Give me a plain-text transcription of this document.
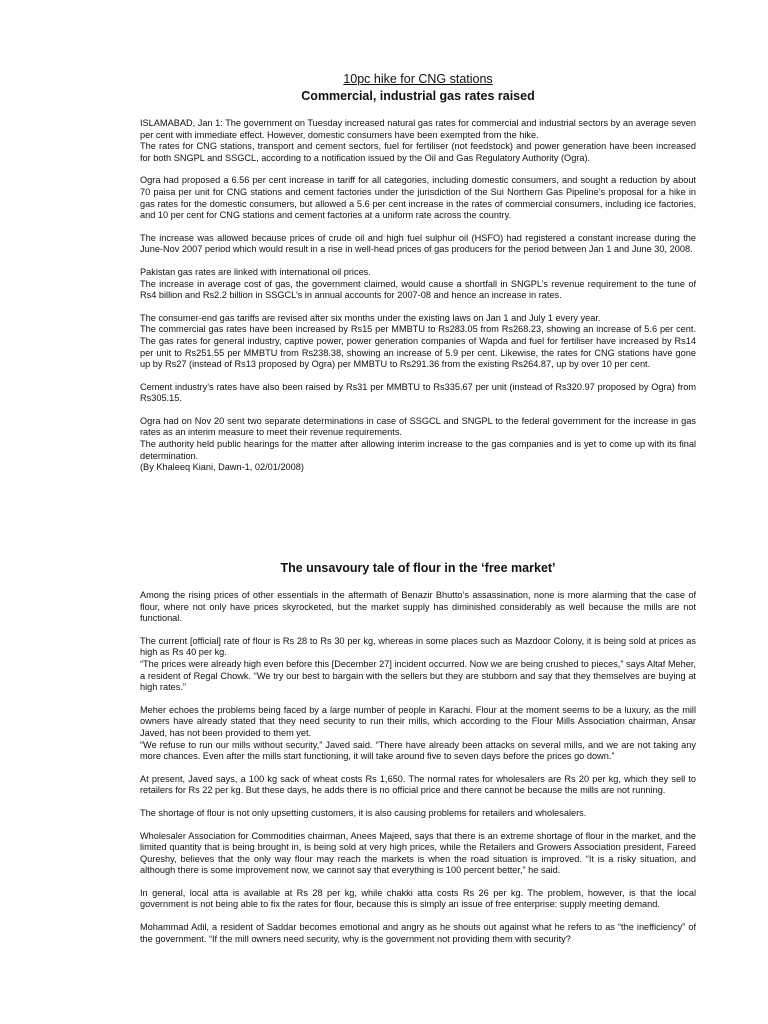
10pc hike for CNG stations

Commercial, industrial gas rates raised

ISLAMABAD, Jan 1: The government on Tuesday increased natural gas rates for commercial and industrial sectors by an average seven per cent with immediate effect. However, domestic consumers have been exempted from the hike.
The rates for CNG stations, transport and cement sectors, fuel for fertiliser (not feedstock) and power generation have been increased for both SNGPL and SSGCL, according to a notification issued by the Oil and Gas Regulatory Authority (Ogra).

Ogra had proposed a 6.56 per cent increase in tariff for all categories, including domestic consumers, and sought a reduction by about 70 paisa per unit for CNG stations and cement factories under the jurisdiction of the Sui Northern Gas Pipeline’s proposal for a hike in gas rates for the domestic consumers, but allowed a 5.6 per cent increase in the rates of commercial consumers, including ice factories, and 10 per cent for CNG stations and cement factories at a uniform rate across the country.

The increase was allowed because prices of crude oil and high fuel sulphur oil (HSFO) had registered a constant increase during the June-Nov 2007 period which would result in a rise in well-head prices of gas producers for the period between Jan 1 and June 30, 2008.

Pakistan gas rates are linked with international oil prices.
The increase in average cost of gas, the government claimed, would cause a shortfall in SNGPL’s revenue requirement to the tune of Rs4 billion and Rs2.2 billion in SSGCL’s in annual accounts for 2007-08 and hence an increase in rates.

The consumer-end gas tariffs are revised after six months under the existing laws on Jan 1 and July 1 every year.
The commercial gas rates have been increased by Rs15 per MMBTU to Rs283.05 from Rs268.23, showing an increase of 5.6 per cent. The gas rates for general industry, captive power, power generation companies of Wapda and fuel for fertiliser have increased by Rs14 per unit to Rs251.55 per MMBTU from Rs238.38, showing an increase of 5.9 per cent. Likewise, the rates for CNG stations have gone up by Rs27 (instead of Rs13 proposed by Ogra) per MMBTU to Rs291.36 from the existing Rs264.87, up by over 10 per cent.

Cement industry’s rates have also been raised by Rs31 per MMBTU to Rs335.67 per unit (instead of Rs320.97 proposed by Ogra) from Rs305.15.

Ogra had on Nov 20 sent two separate determinations in case of SSGCL and SNGPL to the federal government for the increase in gas rates as an interim measure to meet their revenue requirements.
The authority held public hearings for the matter after allowing interim increase to the gas companies and is yet to come up with its final determination.
(By Khaleeq Kiani, Dawn-1, 02/01/2008)

The unsavoury tale of flour in the ‘free market’

Among the rising prices of other essentials in the aftermath of Benazir Bhutto’s assassination, none is more alarming that the case of flour, where not only have prices skyrocketed, but the market supply has diminished considerably as well because the mills are not functional.

The current [official] rate of flour is Rs 28 to Rs 30 per kg, whereas in some places such as Mazdoor Colony, it is being sold at prices as high as Rs 40 per kg.
“The prices were already high even before this [December 27] incident occurred. Now we are being crushed to pieces,” says Altaf Meher, a resident of Regal Chowk. “We try our best to bargain with the sellers but they are stubborn and say that they themselves are buying at high rates.”

Meher echoes the problems being faced by a large number of people in Karachi. Flour at the moment seems to be a luxury, as the mill owners have already stated that they need security to run their mills, which according to the Flour Mills Association chairman, Ansar Javed, has not been provided to them yet.
“We refuse to run our mills without security,” Javed said. “There have already been attacks on several mills, and we are not taking any more chances. Even after the mills start functioning, it will take around five to seven days before the prices go down.”

At present, Javed says, a 100 kg sack of wheat costs Rs 1,650. The normal rates for wholesalers are Rs 20 per kg, which they sell to retailers for Rs 22 per kg. But these days, he adds there is no official price and there cannot be because the mills are not running.

The shortage of flour is not only upsetting customers, it is also causing problems for retailers and wholesalers.

Wholesaler Association for Commodities chairman, Anees Majeed, says that there is an extreme shortage of flour in the market, and the limited quantity that is being brought in, is being sold at very high prices, while the Retailers and Growers Association president, Fareed Qureshy, believes that the only way flour may reach the markets is when the road situation is improved. “It is a risky situation, and although there is some improvement now, we cannot say that everything is 100 percent better,” he said.

In general, local atta is available at Rs 28 per kg, while chakki atta costs Rs 26 per kg. The problem, however, is that the local government is not being able to fix the rates for flour, because this is simply an issue of free enterprise: supply meeting demand.

Mohammad Adil, a resident of Saddar becomes emotional and angry as he shouts out against what he refers to as “the inefficiency” of the government. “If the mill owners need security, why is the government not providing them with security?
